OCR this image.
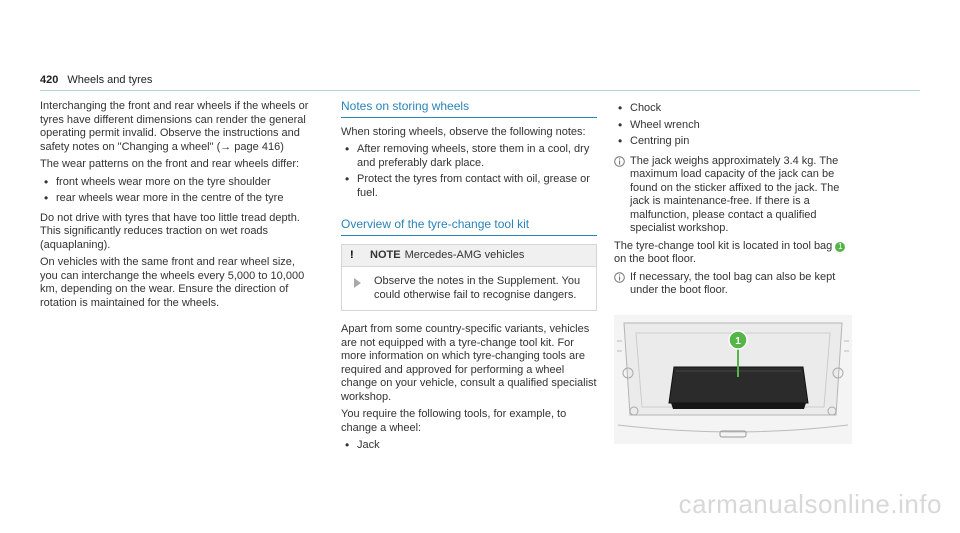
420 Wheels and tyres

Interchanging the front and rear wheels if the wheels or tyres have different dimensions can render the general operating permit invalid. Observe the instructions and safety notes on "Changing a wheel" (→ page 416)

The wear patterns on the front and rear wheels differ:

• front wheels wear more on the tyre shoulder
• rear wheels wear more in the centre of the tyre

Do not drive with tyres that have too little tread depth. This significantly reduces traction on wet roads (aquaplaning).

On vehicles with the same front and rear wheel size, you can interchange the wheels every 5,000 to 10,000 km, depending on the wear. Ensure the direction of rotation is maintained for the wheels.

Notes on storing wheels

When storing wheels, observe the following notes:

• After removing wheels, store them in a cool, dry and preferably dark place.
• Protect the tyres from contact with oil, grease or fuel.
Overview of the tyre-change tool kit
!	NOTE Mercedes-AMG vehicles
Observe the notes in the Supplement. You could otherwise fail to recognise dangers.

Apart from some country-specific variants, vehicles are not equipped with a tyre-change tool kit. For more information on which tyre-changing tools are required and approved for performing a wheel change on your vehicle, consult a qualified specialist workshop.

You require the following tools, for example, to change a wheel:

• Jack
• Chock
• Wheel wrench
• Centring pin
The jack weighs approximately 3.4 kg. The maximum load capacity of the jack can be found on the sticker affixed to the jack. The jack is maintenance-free. If there is a malfunction, please contact a qualified specialist workshop.

The tyre-change tool kit is located in tool bag 1 on the boot floor.

If necessary, the tool bag can also be kept under the boot floor.
1
carmanualsonline.info
